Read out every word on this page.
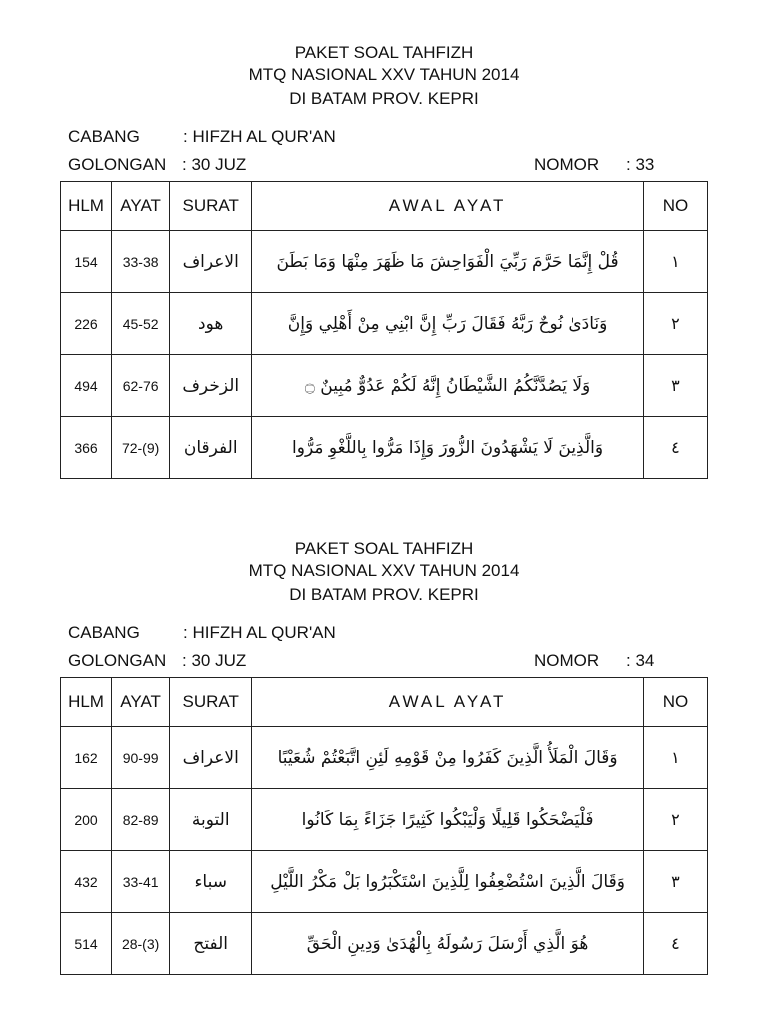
PAKET SOAL TAHFIZH
MTQ NASIONAL XXV TAHUN 2014
DI BATAM PROV. KEPRI
CABANG	: HIFZH AL QUR'AN
GOLONGAN : 30 JUZ	NOMOR : 33
HLM	AYAT	SURAT	AWAL AYAT	NO
154	33-38	الاعراف	قُلْ إِنَّمَا حَرَّمَ رَبِّيَ الْفَوَاحِشَ مَا ظَهَرَ مِنْهَا وَمَا بَطَنَ	١
226	45-52	هود	وَنَادَىٰ نُوحٌ رَبَّهُ فَقَالَ رَبِّ إِنَّ ابْنِي مِنْ أَهْلِي وَإِنَّ	٢
494	62-76	الزخرف	وَلَا يَصُدَّنَّكُمُ الشَّيْطَانُ إِنَّهُ لَكُمْ عَدُوٌّ مُبِينٌ ۝	٣
366	72-(9)	الفرقان	وَالَّذِينَ لَا يَشْهَدُونَ الزُّورَ وَإِذَا مَرُّوا بِاللَّغْوِ مَرُّوا	٤
PAKET SOAL TAHFIZH
MTQ NASIONAL XXV TAHUN 2014
DI BATAM PROV. KEPRI
CABANG	: HIFZH AL QUR'AN
GOLONGAN : 30 JUZ	NOMOR : 34
HLM	AYAT	SURAT	AWAL AYAT	NO
162	90-99	الاعراف	وَقَالَ الْمَلَأُ الَّذِينَ كَفَرُوا مِنْ قَوْمِهِ لَئِنِ اتَّبَعْتُمْ شُعَيْبًا	١
200	82-89	التوبة	فَلْيَضْحَكُوا قَلِيلًا وَلْيَبْكُوا كَثِيرًا جَزَاءً بِمَا كَانُوا	٢
432	33-41	سباء	وَقَالَ الَّذِينَ اسْتُضْعِفُوا لِلَّذِينَ اسْتَكْبَرُوا بَلْ مَكْرُ اللَّيْلِ	٣
514	28-(3)	الفتح	هُوَ الَّذِي أَرْسَلَ رَسُولَهُ بِالْهُدَىٰ وَدِينِ الْحَقِّ	٤
